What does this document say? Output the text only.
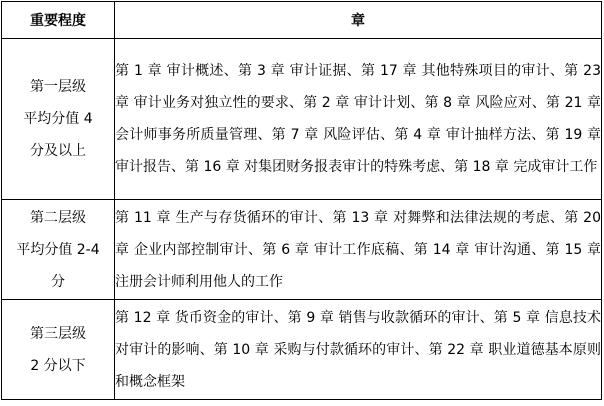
重要程度	章

第一层级
平均分值 4
分及以上	第 1 章 审计概述、第 3 章 审计证据、第 17 章 其他特殊项目的审计、第 23 章 审计业务对独立性的要求、第 2 章 审计计划、第 8 章 风险应对、第 21 章 会计师事务所质量管理、第 7 章 风险评估、第 4 章 审计抽样方法、第 19 章 审计报告、第 16 章 对集团财务报表审计的特殊考虑、第 18 章 完成审计工作

第二层级
平均分值 2-4
分	第 11 章 生产与存货循环的审计、第 13 章 对舞弊和法律法规的考虑、第 20 章 企业内部控制审计、第 6 章 审计工作底稿、第 14 章 审计沟通、第 15 章 注册会计师利用他人的工作

第三层级
2 分以下	第 12 章 货币资金的审计、第 9 章 销售与收款循环的审计、第 5 章 信息技术对审计的影响、第 10 章 采购与付款循环的审计、第 22 章 职业道德基本原则和概念框架
